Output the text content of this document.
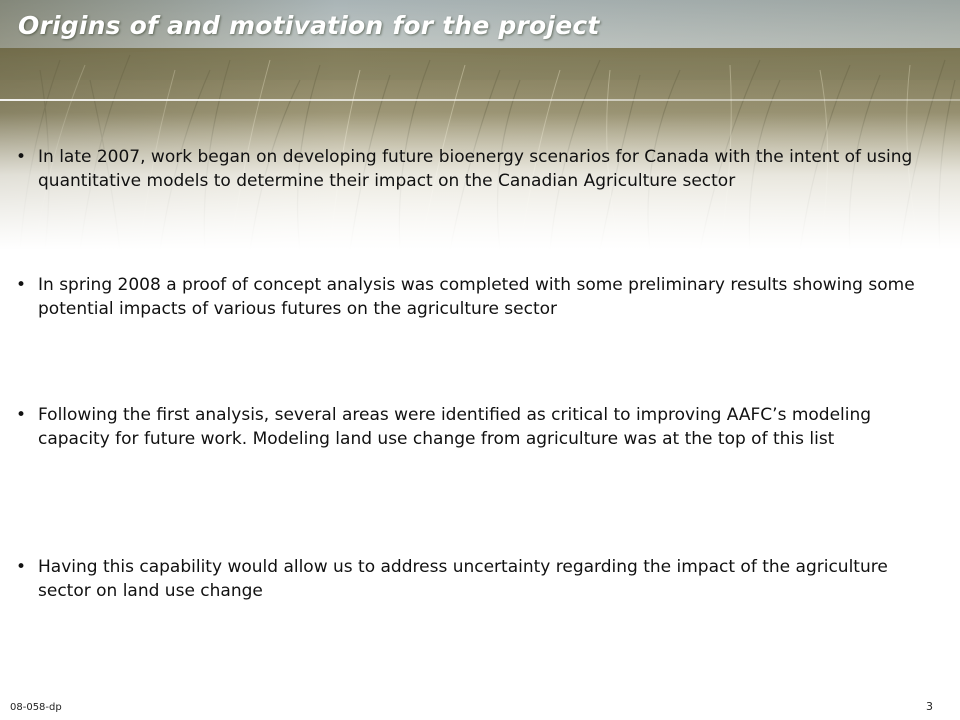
Origins of and motivation for the project
• In late 2007, work began on developing future bioenergy scenarios for Canada with the intent of using quantitative models to determine their impact on the Canadian Agriculture sector
• In spring 2008 a proof of concept analysis was completed with some preliminary results showing some potential impacts of various futures on the agriculture sector
• Following the first analysis, several areas were identified as critical to improving AAFC’s modeling capacity for future work. Modeling land use change from agriculture was at the top of this list
• Having this capability would allow us to address uncertainty regarding the impact of the agriculture sector on land use change
08-058-dp	3
